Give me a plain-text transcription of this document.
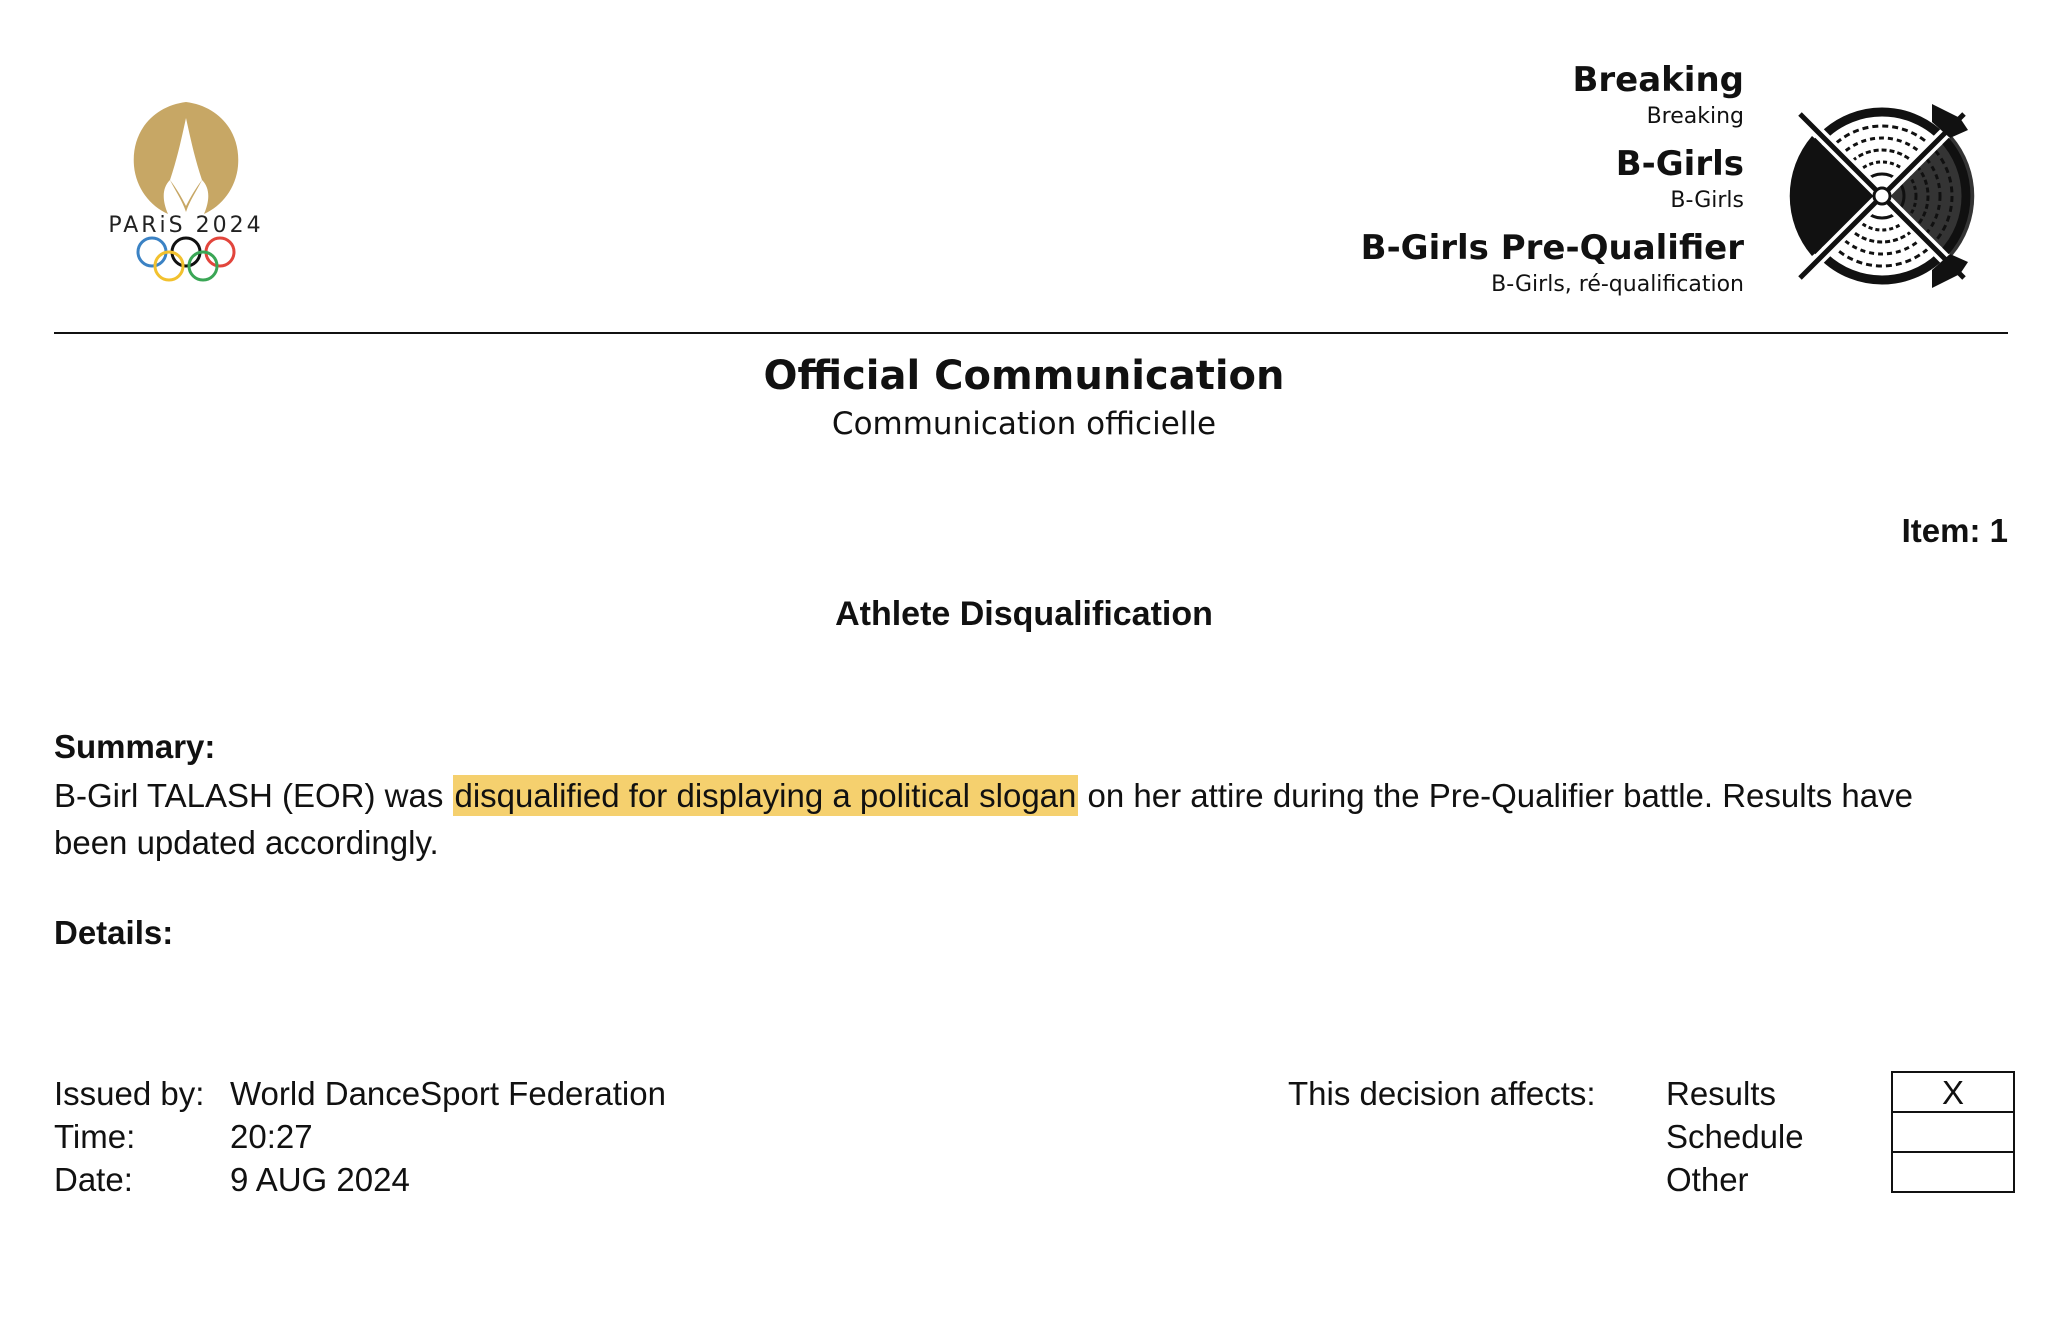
PARiS 2024
Breaking
Breaking
B-Girls
B-Girls
B-Girls Pre-Qualifier
B-Girls, ré-qualification
Official Communication
Communication officielle
Item: 1
Athlete Disqualification
Summary:
B-Girl TALASH (EOR) was disqualified for displaying a political slogan on her attire during the Pre-Qualifier battle. Results have been updated accordingly.
Details:
Issued by: World DanceSport Federation
Time:	20:27
Date:	9 AUG 2024
This decision affects: Results
Schedule
Other
X
